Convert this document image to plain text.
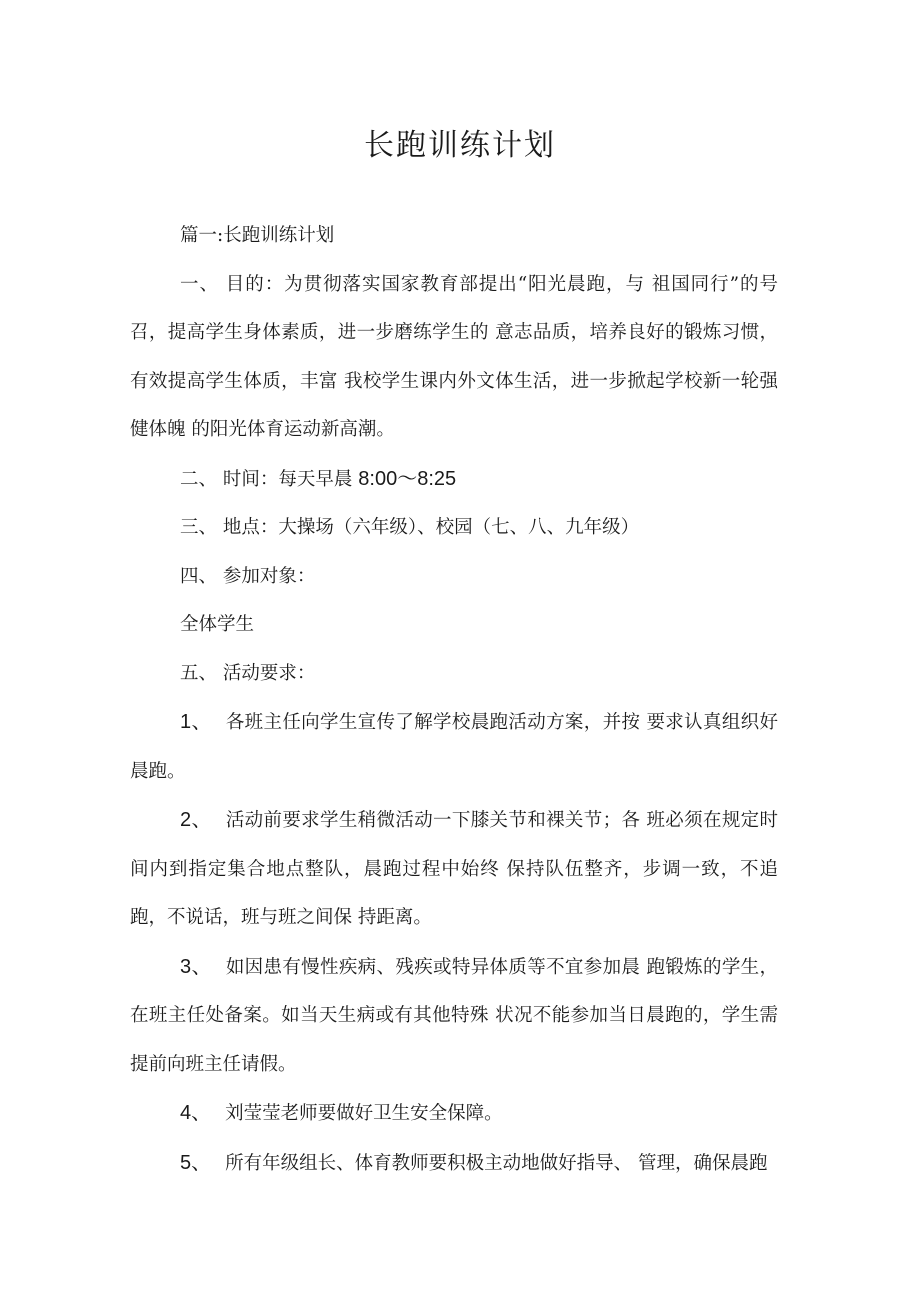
长跑训练计划

篇一:长跑训练计划

一、 目的：为贯彻落实国家教育部提出“阳光晨跑，与 祖国同行”的号召，提高学生身体素质，进一步磨练学生的 意志品质，培养良好的锻炼习惯，有效提高学生体质，丰富 我校学生课内外文体生活，进一步掀起学校新一轮强健体魄 的阳光体育运动新高潮。

二、 时间：每天早晨 8:00～8:25

三、 地点：大操场（六年级）、校园（七、八、九年级）

四、 参加对象：

全体学生

五、 活动要求：

1、 各班主任向学生宣传了解学校晨跑活动方案，并按 要求认真组织好晨跑。

2、 活动前要求学生稍微活动一下膝关节和裸关节；各 班必须在规定时间内到指定集合地点整队，晨跑过程中始终 保持队伍整齐，步调一致，不追跑，不说话，班与班之间保 持距离。

3、 如因患有慢性疾病、残疾或特异体质等不宜参加晨 跑锻炼的学生，在班主任处备案。如当天生病或有其他特殊 状况不能参加当日晨跑的，学生需提前向班主任请假。

4、 刘莹莹老师要做好卫生安全保障。

5、 所有年级组长、体育教师要积极主动地做好指导、 管理，确保晨跑
